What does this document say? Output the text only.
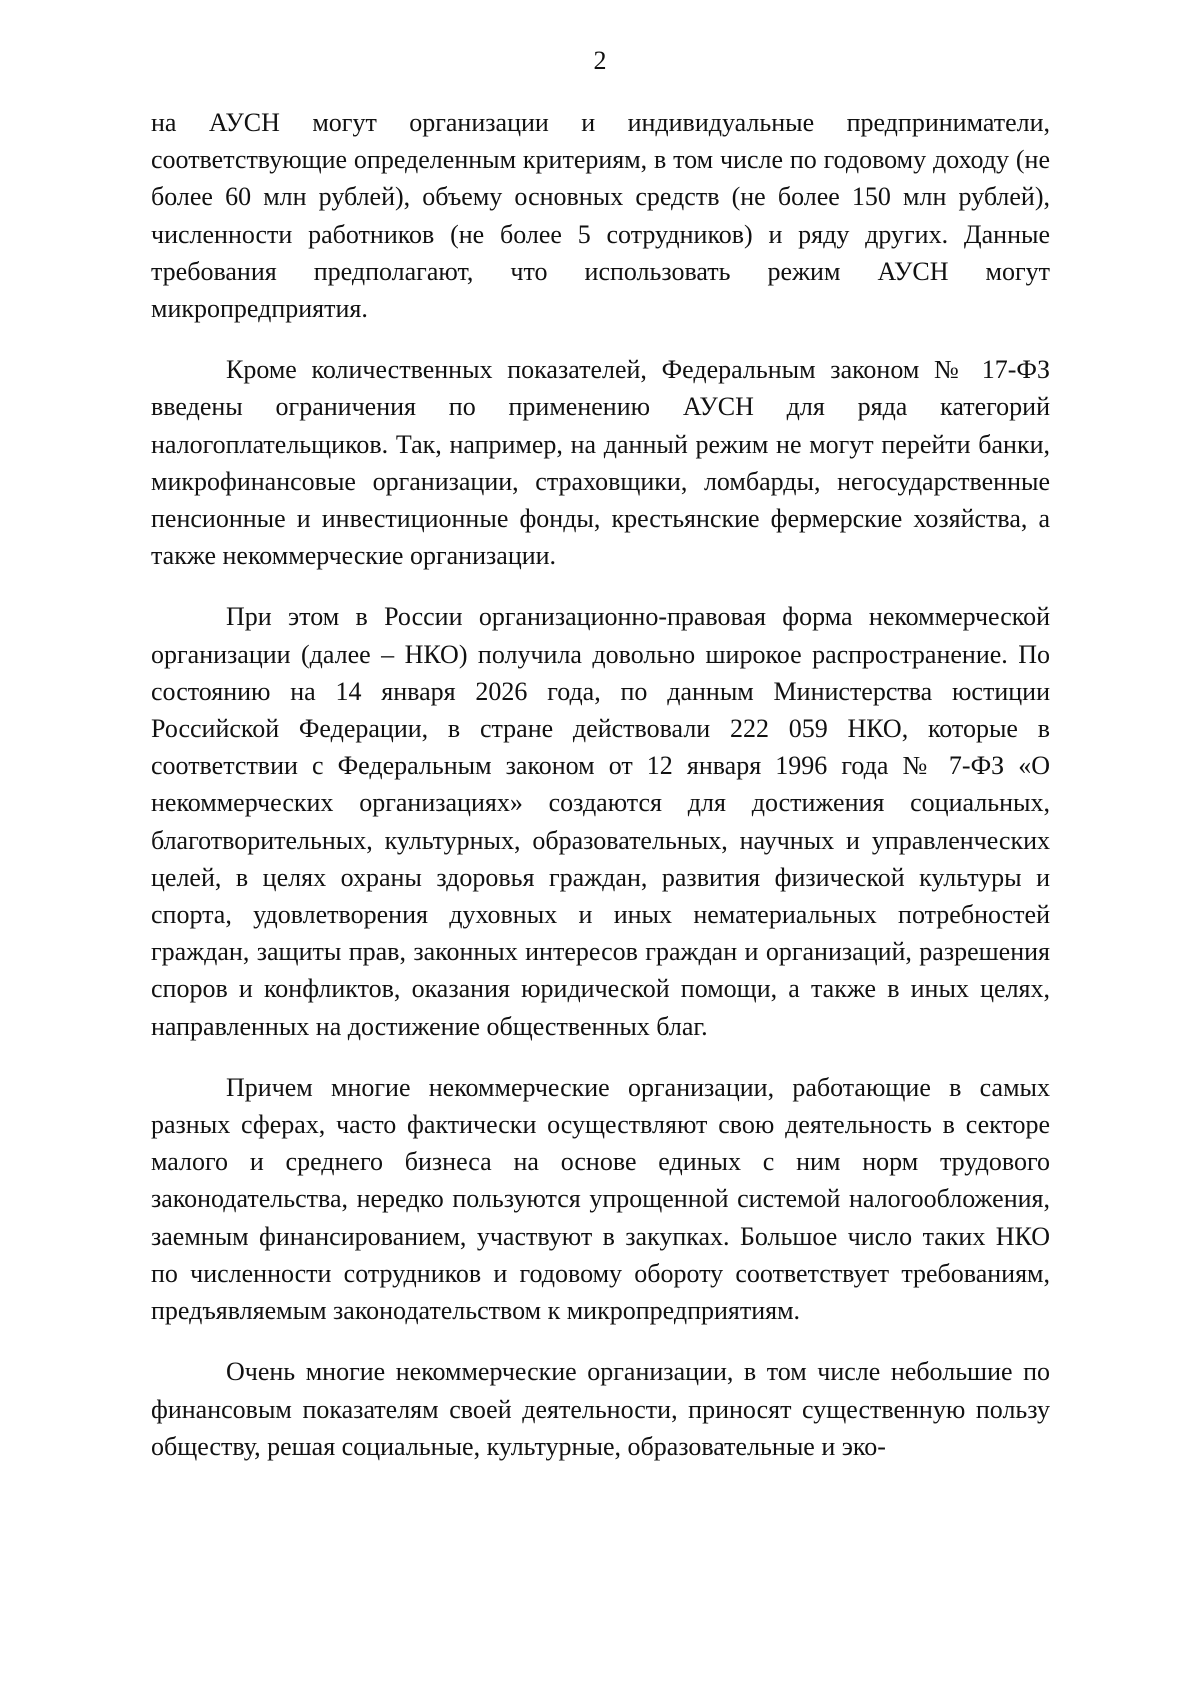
2

на АУСН могут организации и индивидуальные предприниматели, соответствующие определенным критериям, в том числе по годовому доходу (не более 60 млн рублей), объему основных средств (не более 150 млн рублей), численности работников (не более 5 сотрудников) и ряду других. Данные требования предполагают, что использовать режим АУСН могут микропредприятия.

Кроме количественных показателей, Федеральным законом № 17-ФЗ введены ограничения по применению АУСН для ряда категорий налогоплательщиков. Так, например, на данный режим не могут перейти банки, микрофинансовые организации, страховщики, ломбарды, негосударственные пенсионные и инвестиционные фонды, крестьянские фермерские хозяйства, а также некоммерческие организации.

При этом в России организационно-правовая форма некоммерческой организации (далее – НКО) получила довольно широкое распространение. По состоянию на 14 января 2026 года, по данным Министерства юстиции Российской Федерации, в стране действовали 222 059 НКО, которые в соответствии с Федеральным законом от 12 января 1996 года № 7-ФЗ «О некоммерческих организациях» создаются для достижения социальных, благотворительных, культурных, образовательных, научных и управленческих целей, в целях охраны здоровья граждан, развития физической культуры и спорта, удовлетворения духовных и иных нематериальных потребностей граждан, защиты прав, законных интересов граждан и организаций, разрешения споров и конфликтов, оказания юридической помощи, а также в иных целях, направленных на достижение общественных благ.

Причем многие некоммерческие организации, работающие в самых разных сферах, часто фактически осуществляют свою деятельность в секторе малого и среднего бизнеса на основе единых с ним норм трудового законодательства, нередко пользуются упрощенной системой налогообложения, заемным финансированием, участвуют в закупках. Большое число таких НКО по численности сотрудников и годовому обороту соответствует требованиям, предъявляемым законодательством к микропредприятиям.

Очень многие некоммерческие организации, в том числе небольшие по финансовым показателям своей деятельности, приносят существенную пользу обществу, решая социальные, культурные, образовательные и эко-
